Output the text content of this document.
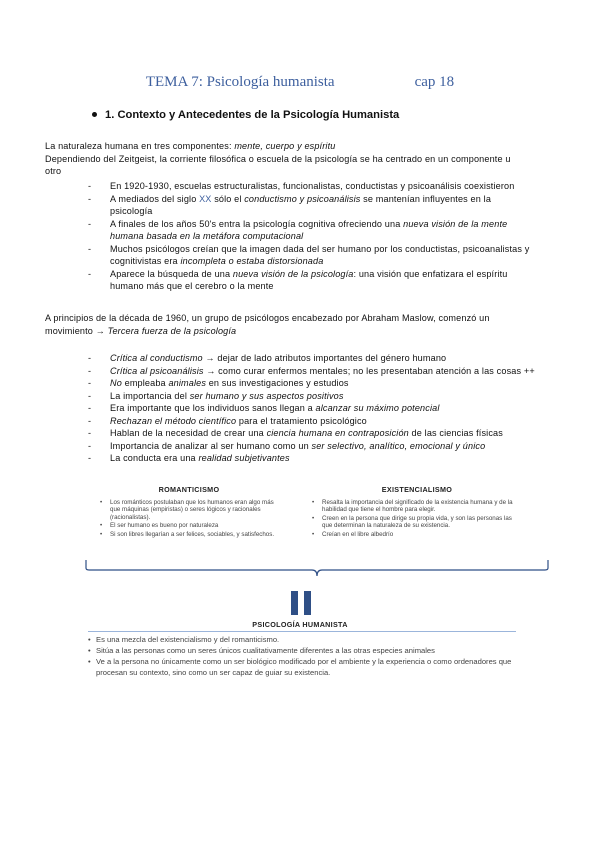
TEMA 7: Psicología humanista	cap 18
1. Contexto y Antecedentes de la Psicología Humanista
La naturaleza humana en tres componentes: mente, cuerpo y espíritu
Dependiendo del Zeitgeist, la corriente filosófica o escuela de la psicología se ha centrado en un componente u
otro
- En 1920-1930, escuelas estructuralistas, funcionalistas, conductistas y psicoanálisis coexistieron
- A mediados del siglo XX sólo el conductismo y psicoanálisis se mantenían influyentes en la
psicología
- A finales de los años 50's entra la psicología cognitiva ofreciendo una nueva visión de la mente
humana basada en la metáfora computacional
- Muchos psicólogos creían que la imagen dada del ser humano por los conductistas, psicoanalistas y
cognitivistas era incompleta o estaba distorsionada
- Aparece la búsqueda de una nueva visión de la psicología: una visión que enfatizara el espíritu
humano más que el cerebro o la mente
A principios de la década de 1960, un grupo de psicólogos encabezado por Abraham Maslow, comenzó un
movimiento → Tercera fuerza de la psicología
- Crítica al conductismo → dejar de lado atributos importantes del género humano
- Crítica al psicoanálisis → como curar enfermos mentales; no les presentaban atención a las cosas ++
- No empleaba animales en sus investigaciones y estudios
- La importancia del ser humano y sus aspectos positivos
- Era importante que los individuos sanos llegan a alcanzar su máximo potencial
- Rechazan el método científico para el tratamiento psicológico
- Hablan de la necesidad de crear una ciencia humana en contraposición de las ciencias físicas
- Importancia de analizar al ser humano como un ser selectivo, analítico, emocional y único
- La conducta era una realidad subjetivantes
ROMANTICISMO
• Los románticos postulaban que los humanos eran algo más que máquinas (empiristas) o seres lógicos y racionales (racionalistas).
• El ser humano es bueno por naturaleza
• Si son libres llegarían a ser felices, sociables, y satisfechos.
EXISTENCIALISMO
• Resalta la importancia del significado de la existencia humana y de la habilidad que tiene el hombre para elegir.
• Creen en la persona que dirige su propia vida, y son las personas las que determinan la naturaleza de su existencia.
• Creían en el libre albedrío
PSICOLOGÍA HUMANISTA
• Es una mezcla del existencialismo y del romanticismo.
• Sitúa a las personas como un seres únicos cualitativamente diferentes a las otras especies animales
• Ve a la persona no únicamente como un ser biológico modificado por el ambiente y la experiencia o como ordenadores que procesan su contexto, sino como un ser capaz de guiar su existencia.
